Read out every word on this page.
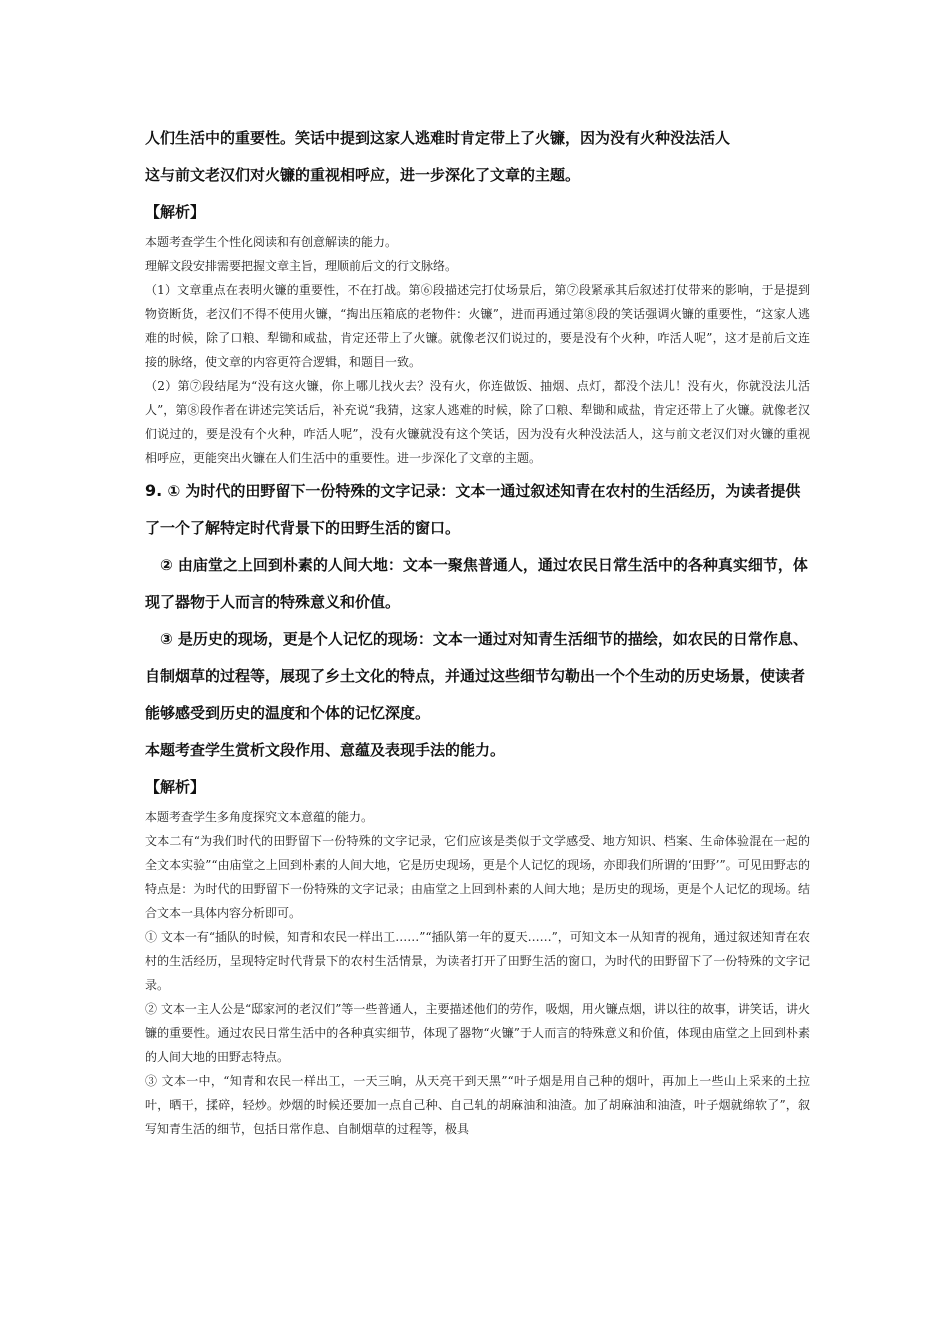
人们生活中的重要性。笑话中提到这家人逃难时肯定带上了火镰，因为没有火种没法活人

这与前文老汉们对火镰的重视相呼应，进一步深化了文章的主题。

【解析】

本题考查学生个性化阅读和有创意解读的能力。

理解文段安排需要把握文章主旨，理顺前后文的行文脉络。

（1）文章重点在表明火镰的重要性，不在打战。第⑥段描述完打仗场景后，第⑦段紧承其后叙述打仗带来的影响，于是提到物资断货，老汉们不得不使用火镰，“掏出压箱底的老物件：火镰”，进而再通过第⑧段的笑话强调火镰的重要性，“这家人逃难的时候，除了口粮、犁锄和咸盐，肯定还带上了火镰。就像老汉们说过的，要是没有个火种，咋活人呢”，这才是前后文连接的脉络，使文章的内容更符合逻辑，和题目一致。

（2）第⑦段结尾为“没有这火镰，你上哪儿找火去？没有火，你连做饭、抽烟、点灯，都没个法儿！没有火，你就没法儿活人”，第⑧段作者在讲述完笑话后，补充说“我猜，这家人逃难的时候，除了口粮、犁锄和咸盐，肯定还带上了火镰。就像老汉们说过的，要是没有个火种，咋活人呢”，没有火镰就没有这个笑话，因为没有火种没法活人，这与前文老汉们对火镰的重视相呼应，更能突出火镰在人们生活中的重要性。进一步深化了文章的主题。

9. ① 为时代的田野留下一份特殊的文字记录：文本一通过叙述知青在农村的生活经历，为读者提供了一个了解特定时代背景下的田野生活的窗口。

② 由庙堂之上回到朴素的人间大地：文本一聚焦普通人，通过农民日常生活中的各种真实细节，体现了器物于人而言的特殊意义和价值。

③ 是历史的现场，更是个人记忆的现场：文本一通过对知青生活细节的描绘，如农民的日常作息、自制烟草的过程等，展现了乡土文化的特点，并通过这些细节勾勒出一个个生动的历史场景，使读者能够感受到历史的温度和个体的记忆深度。

本题考查学生赏析文段作用、意蕴及表现手法的能力。

【解析】

本题考查学生多角度探究文本意蕴的能力。

文本二有“为我们时代的田野留下一份特殊的文字记录，它们应该是类似于文学感受、地方知识、档案、生命体验混在一起的全文本实验”“由庙堂之上回到朴素的人间大地，它是历史现场，更是个人记忆的现场，亦即我们所谓的‘田野’”。可见田野志的特点是：为时代的田野留下一份特殊的文字记录；由庙堂之上回到朴素的人间大地；是历史的现场，更是个人记忆的现场。结合文本一具体内容分析即可。

① 文本一有“插队的时候，知青和农民一样出工……”“插队第一年的夏天……”，可知文本一从知青的视角，通过叙述知青在农村的生活经历，呈现特定时代背景下的农村生活情景，为读者打开了田野生活的窗口，为时代的田野留下了一份特殊的文字记录。

② 文本一主人公是“邸家河的老汉们”等一些普通人，主要描述他们的劳作，吸烟，用火镰点烟，讲以往的故事，讲笑话，讲火镰的重要性。通过农民日常生活中的各种真实细节，体现了器物“火镰”于人而言的特殊意义和价值，体现由庙堂之上回到朴素的人间大地的田野志特点。

③ 文本一中，“知青和农民一样出工，一天三晌，从天亮干到天黑”“叶子烟是用自己种的烟叶，再加上一些山上采来的土拉叶，晒干，揉碎，轻炒。炒烟的时候还要加一点自己种、自己轧的胡麻油和油渣。加了胡麻油和油渣，叶子烟就绵软了”，叙写知青生活的细节，包括日常作息、自制烟草的过程等，极具
